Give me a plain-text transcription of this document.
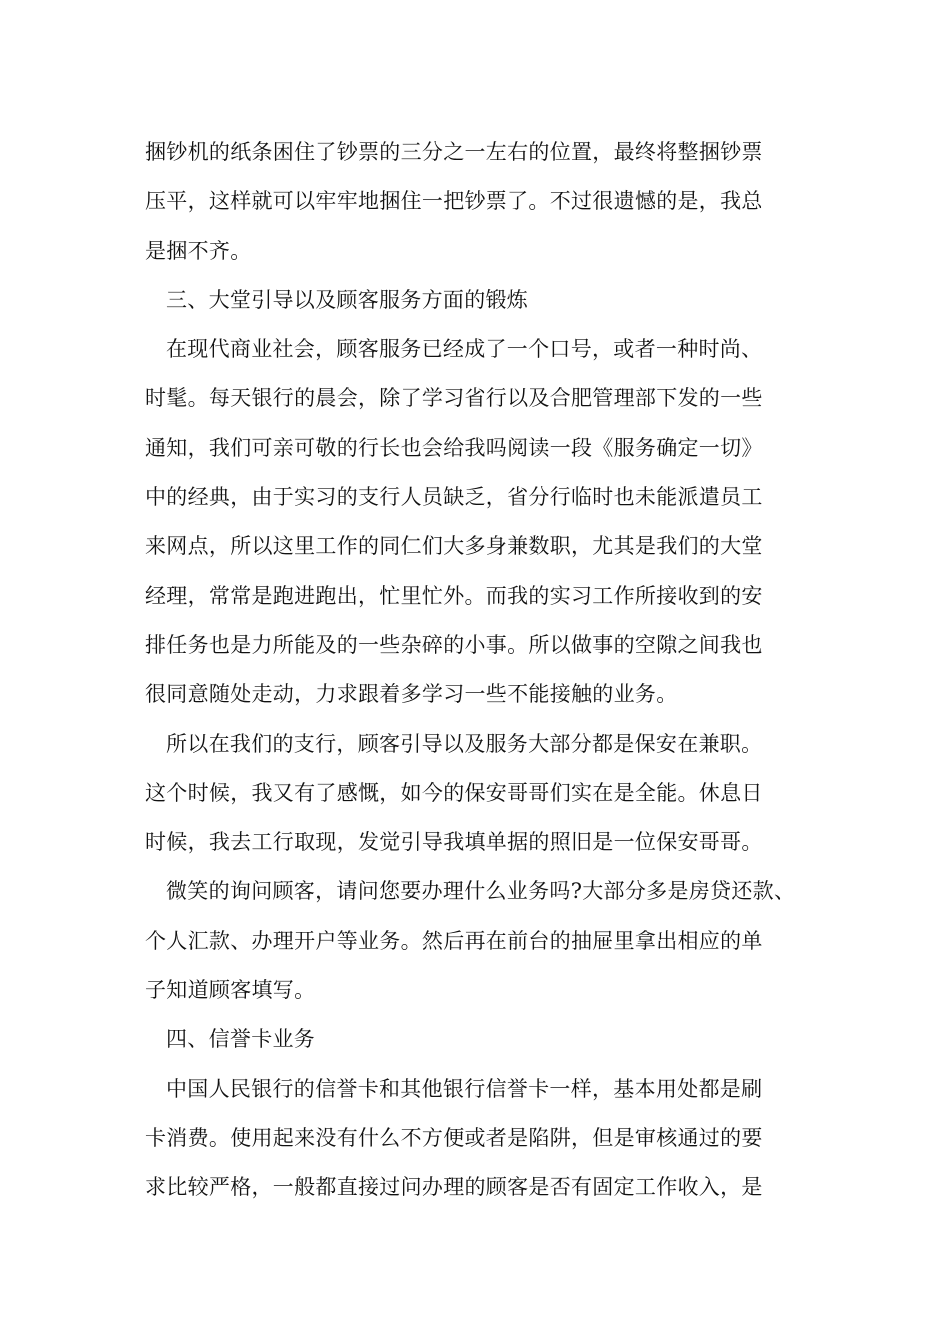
捆钞机的纸条困住了钞票的三分之一左右的位置，最终将整捆钞票
压平，这样就可以牢牢地捆住一把钞票了。不过很遗憾的是，我总
是捆不齐。
三、大堂引导以及顾客服务方面的锻炼
在现代商业社会，顾客服务已经成了一个口号，或者一种时尚、
时髦。每天银行的晨会，除了学习省行以及合肥管理部下发的一些
通知，我们可亲可敬的行长也会给我吗阅读一段《服务确定一切》
中的经典，由于实习的支行人员缺乏，省分行临时也未能派遣员工
来网点，所以这里工作的同仁们大多身兼数职，尤其是我们的大堂
经理，常常是跑进跑出，忙里忙外。而我的实习工作所接收到的安
排任务也是力所能及的一些杂碎的小事。所以做事的空隙之间我也
很同意随处走动，力求跟着多学习一些不能接触的业务。
所以在我们的支行，顾客引导以及服务大部分都是保安在兼职。
这个时候，我又有了感慨，如今的保安哥哥们实在是全能。休息日
时候，我去工行取现，发觉引导我填单据的照旧是一位保安哥哥。
微笑的询问顾客，请问您要办理什么业务吗?大部分多是房贷还款、
个人汇款、办理开户等业务。然后再在前台的抽屉里拿出相应的单
子知道顾客填写。
四、信誉卡业务
中国人民银行的信誉卡和其他银行信誉卡一样，基本用处都是刷
卡消费。使用起来没有什么不方便或者是陷阱，但是审核通过的要
求比较严格，一般都直接过问办理的顾客是否有固定工作收入，是
